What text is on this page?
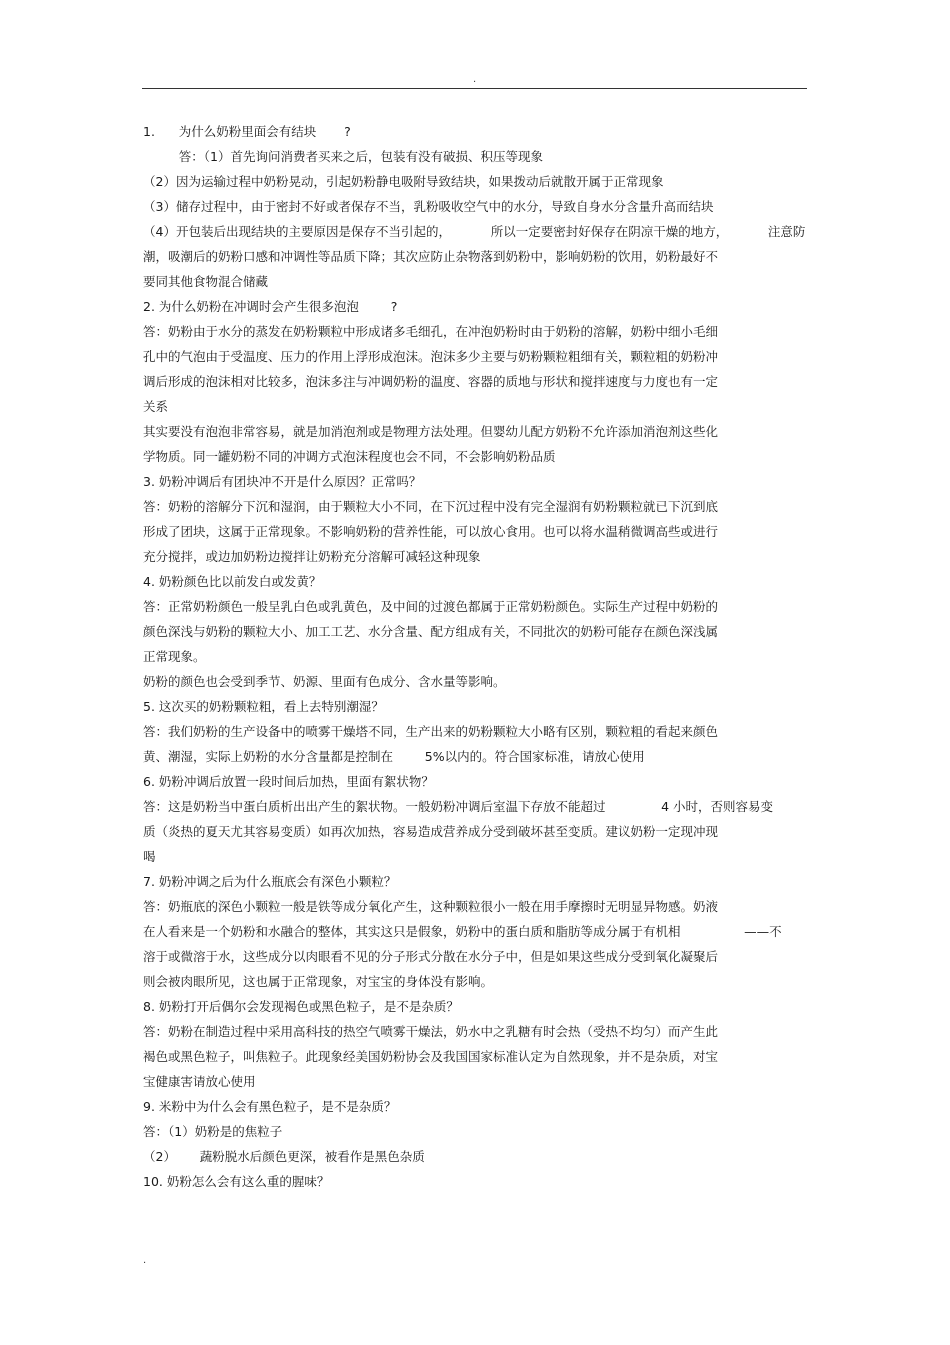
.
1.      为什么奶粉里面会有结块       ?
答：（1）首先询问消费者买来之后，包装有没有破损、积压等现象
（2）因为运输过程中奶粉晃动，引起奶粉静电吸附导致结块，如果拨动后就散开属于正常现象
（3）储存过程中，由于密封不好或者保存不当，乳粉吸收空气中的水分，导致自身水分含量升高而结块
（4）开包装后出现结块的主要原因是保存不当引起的，          所以一定要密封好保存在阴凉干燥的地方，          注意防
潮，吸潮后的奶粉口感和冲调性等品质下降；其次应防止杂物落到奶粉中，影响奶粉的饮用，奶粉最好不
要同其他食物混合储藏
2. 为什么奶粉在冲调时会产生很多泡泡        ?
答：奶粉由于水分的蒸发在奶粉颗粒中形成诸多毛细孔，在冲泡奶粉时由于奶粉的溶解，奶粉中细小毛细
孔中的气泡由于受温度、压力的作用上浮形成泡沫。泡沫多少主要与奶粉颗粒粗细有关，颗粒粗的奶粉冲
调后形成的泡沫相对比较多，泡沫多注与冲调奶粉的温度、容器的质地与形状和搅拌速度与力度也有一定
关系
其实要没有泡泡非常容易，就是加消泡剂或是物理方法处理。但婴幼儿配方奶粉不允许添加消泡剂这些化
学物质。同一罐奶粉不同的冲调方式泡沫程度也会不同，不会影响奶粉品质
3. 奶粉冲调后有团块冲不开是什么原因？正常吗？
答：奶粉的溶解分下沉和湿润，由于颗粒大小不同，在下沉过程中没有完全湿润有奶粉颗粒就已下沉到底
形成了团块，这属于正常现象。不影响奶粉的营养性能，可以放心食用。也可以将水温稍微调高些或进行
充分搅拌，或边加奶粉边搅拌让奶粉充分溶解可减轻这种现象
4. 奶粉颜色比以前发白或发黄？
答：正常奶粉颜色一般呈乳白色或乳黄色，及中间的过渡色都属于正常奶粉颜色。实际生产过程中奶粉的
颜色深浅与奶粉的颗粒大小、加工工艺、水分含量、配方组成有关，不同批次的奶粉可能存在颜色深浅属
正常现象。
奶粉的颜色也会受到季节、奶源、里面有色成分、含水量等影响。
5. 这次买的奶粉颗粒粗，看上去特别潮湿？
答：我们奶粉的生产设备中的喷雾干燥塔不同，生产出来的奶粉颗粒大小略有区别，颗粒粗的看起来颜色
黄、潮湿，实际上奶粉的水分含量都是控制在        5%以内的。符合国家标准，请放心使用
6. 奶粉冲调后放置一段时间后加热，里面有絮状物？
答：这是奶粉当中蛋白质析出出产生的絮状物。一般奶粉冲调后室温下存放不能超过              4 小时，否则容易变
质（炎热的夏天尤其容易变质）如再次加热，容易造成营养成分受到破坏甚至变质。建议奶粉一定现冲现
喝
7. 奶粉冲调之后为什么瓶底会有深色小颗粒？
答：奶瓶底的深色小颗粒一般是铁等成分氧化产生，这种颗粒很小一般在用手摩擦时无明显异物感。奶液
在人看来是一个奶粉和水融合的整体，其实这只是假象，奶粉中的蛋白质和脂肪等成分属于有机相                ——不
溶于或微溶于水，这些成分以肉眼看不见的分子形式分散在水分子中，但是如果这些成分受到氧化凝聚后
则会被肉眼所见，这也属于正常现象，对宝宝的身体没有影响。
8. 奶粉打开后偶尔会发现褐色或黑色粒子，是不是杂质？
答：奶粉在制造过程中采用高科技的热空气喷雾干燥法，奶水中之乳糖有时会热（受热不均匀）而产生此
褐色或黑色粒子，叫焦粒子。此现象经美国奶粉协会及我国国家标准认定为自然现象，并不是杂质，对宝
宝健康害请放心使用
9. 米粉中为什么会有黑色粒子，是不是杂质？
答：（1）奶粉是的焦粒子
（2）      蔬粉脱水后颜色更深，被看作是黑色杂质
10. 奶粉怎么会有这么重的腥味？
.
